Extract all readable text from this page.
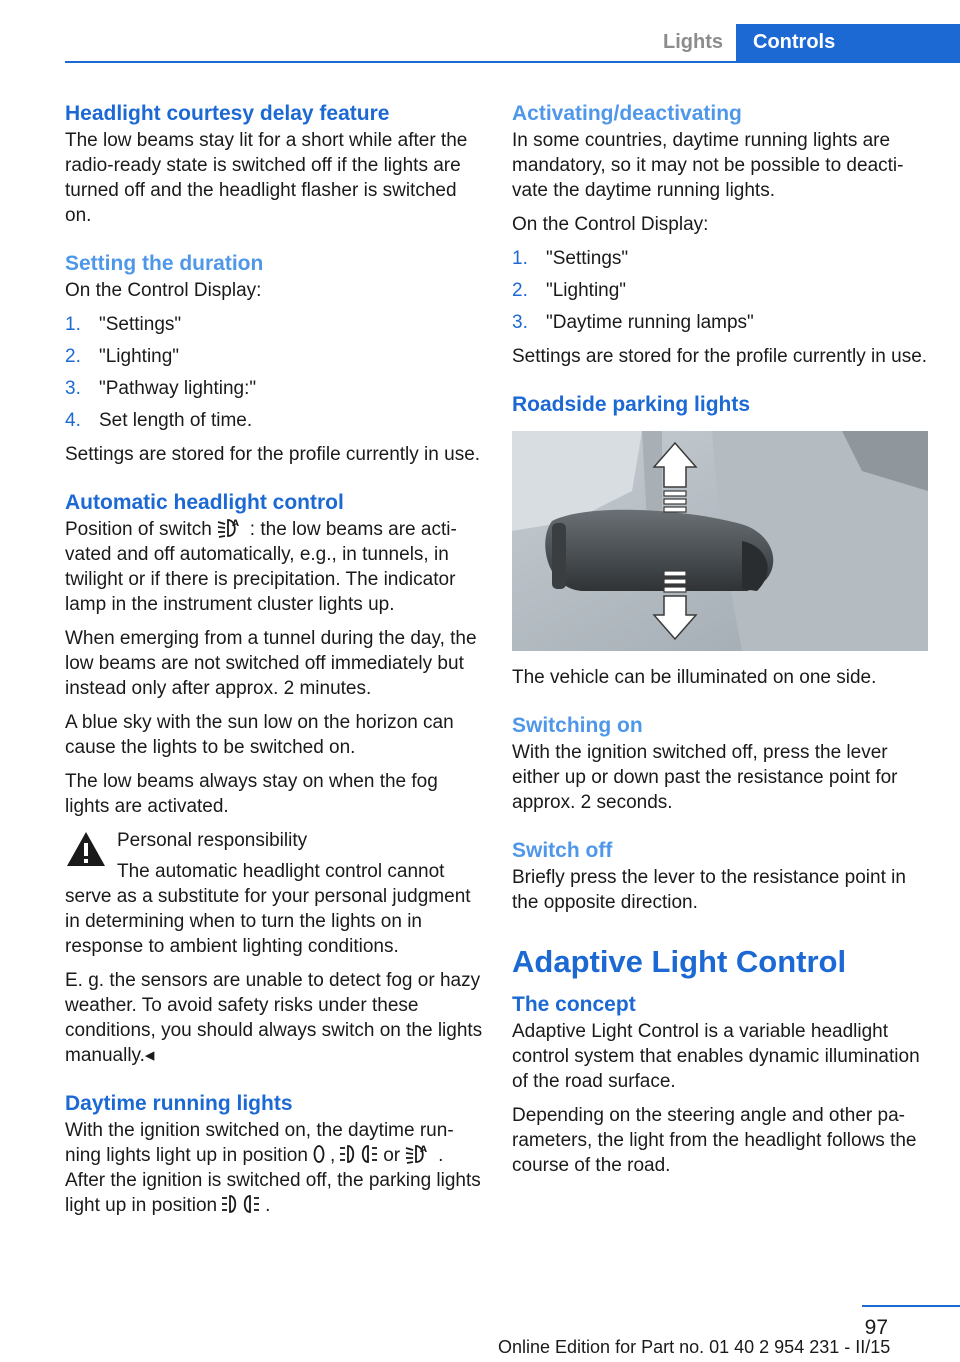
Lights	Controls
Headlight courtesy delay feature

The low beams stay lit for a short while after the radio-ready state is switched off if the lights are turned off and the headlight flasher is switched on.

Setting the duration

On the Control Display:

1. "Settings"
2. "Lighting"
3. "Pathway lighting:"
4. Set length of time.

Settings are stored for the profile currently in use.

Automatic headlight control

Position of switch A : the low beams are activated and off automatically, e.g., in tunnels, in twilight or if there is precipitation. The indicator lamp in the instrument cluster lights up.

When emerging from a tunnel during the day, the low beams are not switched off immediately but instead only after approx. 2 minutes.

A blue sky with the sun low on the horizon can cause the lights to be switched on.

The low beams always stay on when the fog lights are activated.

Personal responsibility

The automatic headlight control cannot serve as a substitute for your personal judgment in determining when to turn the lights on in response to ambient lighting conditions.

E. g. the sensors are unable to detect fog or hazy weather. To avoid safety risks under these conditions, you should always switch on the lights manually.◂

Daytime running lights

With the ignition switched on, the daytime running lights light up in position ,	or A . After the ignition is switched off, the parking lights light up in position	.

Activating/deactivating

In some countries, daytime running lights are mandatory, so it may not be possible to deactivate the daytime running lights.

On the Control Display:

1. "Settings"
2. "Lighting"
3. "Daytime running lamps"

Settings are stored for the profile currently in use.

Roadside parking lights

The vehicle can be illuminated on one side.

Switching on

With the ignition switched off, press the lever either up or down past the resistance point for approx. 2 seconds.

Switch off

Briefly press the lever to the resistance point in the opposite direction.

Adaptive Light Control
The concept

Adaptive Light Control is a variable headlight control system that enables dynamic illumination of the road surface.

Depending on the steering angle and other parameters, the light from the headlight follows the course of the road.

97
Online Edition for Part no. 01 40 2 954 231 - II/15
